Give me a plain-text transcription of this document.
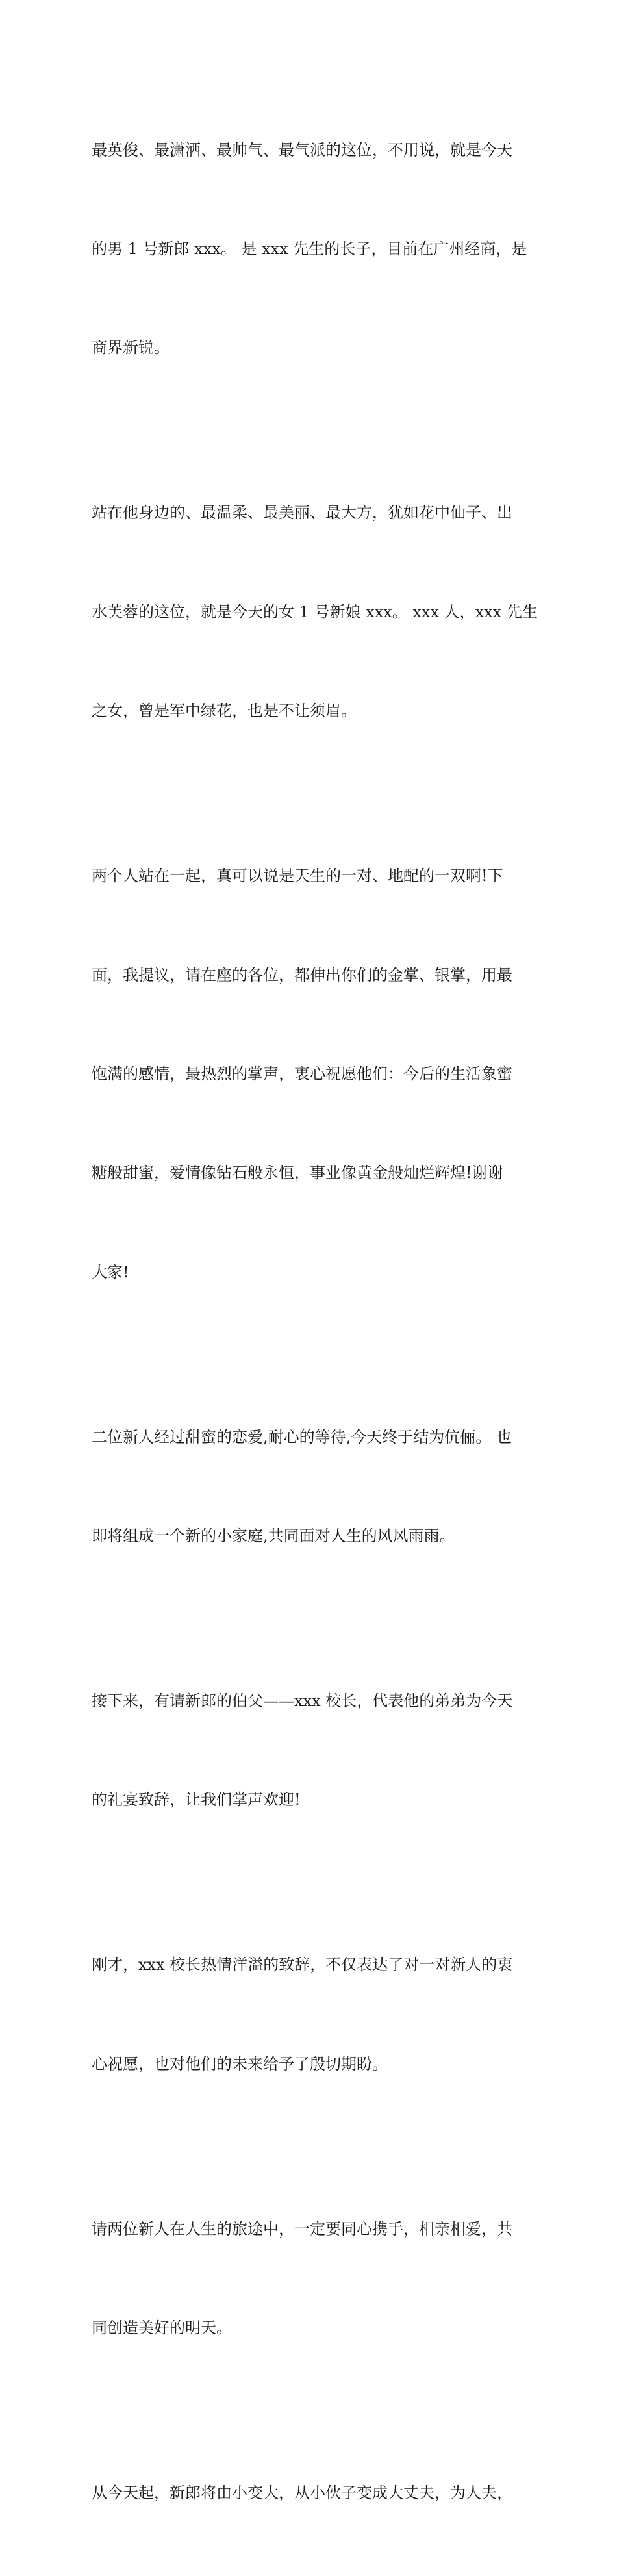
最英俊、最潇洒、最帅气、最气派的这位，不用说，就是今天

的男 1 号新郎 xxx。 是 xxx 先生的长子，目前在广州经商，是

商界新锐。

站在他身边的、最温柔、最美丽、最大方，犹如花中仙子、出

水芙蓉的这位，就是今天的女 1 号新娘 xxx。 xxx 人，xxx 先生

之女，曾是军中绿花，也是不让须眉。

两个人站在一起，真可以说是天生的一对、地配的一双啊!下

面，我提议，请在座的各位，都伸出你们的金掌、银掌，用最

饱满的感情，最热烈的掌声，衷心祝愿他们：今后的生活象蜜

糖般甜蜜，爱情像钻石般永恒，事业像黄金般灿烂辉煌!谢谢

大家!

二位新人经过甜蜜的恋爱,耐心的等待,今天终于结为伉俪。 也

即将组成一个新的小家庭,共同面对人生的风风雨雨。

接下来，有请新郎的伯父——xxx 校长，代表他的弟弟为今天

的礼宴致辞，让我们掌声欢迎!

刚才，xxx 校长热情洋溢的致辞，不仅表达了对一对新人的衷

心祝愿，也对他们的未来给予了殷切期盼。

请两位新人在人生的旅途中，一定要同心携手，相亲相爱，共

同创造美好的明天。

从今天起，新郎将由小变大，从小伙子变成大丈夫，为人夫，
